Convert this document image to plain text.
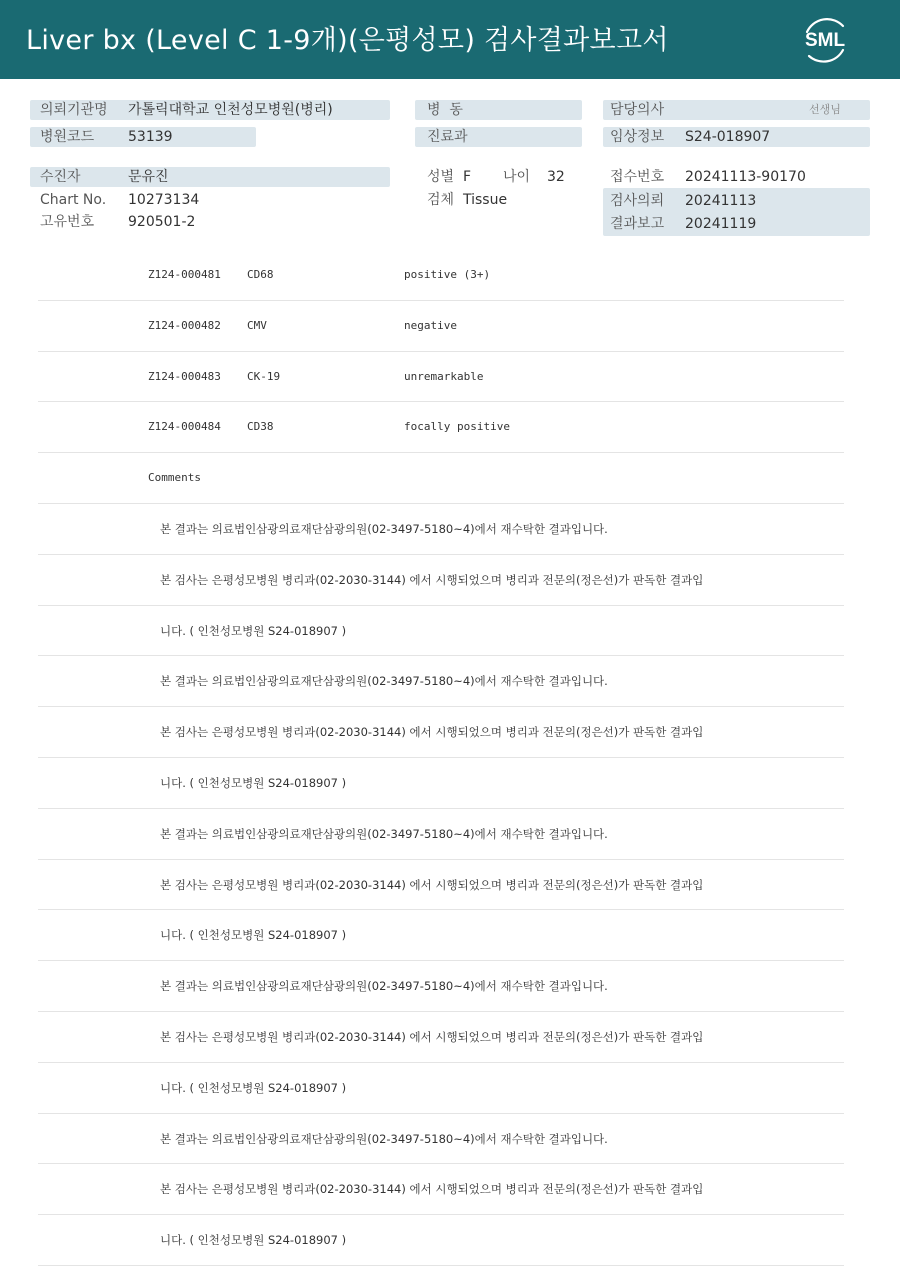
Liver bx (Level C 1-9개)(은평성모) 검사결과보고서	SML
의뢰기관명 가톨릭대학교 인천성모병원(병리)
병원코드 53139
수진자	문유진
Chart No. 10273134
고유번호 920501-2
병  동
진료과
성별 F 나이 32
검체 Tissue
담당의사	선생님
임상정보 S24-018907
접수번호 20241113-90170
검사의뢰 20241113
결과보고 20241119
Z124-000481 CD68	positive (3+)
Z124-000482 CMV	negative
Z124-000483 CK-19	unremarkable
Z124-000484 CD38	focally positive
Comments
본 결과는 의료법인삼광의료재단삼광의원(02-3497-5180~4)에서 재수탁한 결과입니다.
본 검사는 은평성모병원 병리과(02-2030-3144) 에서 시행되었으며 병리과 전문의(정은선)가 판독한 결과입
니다. ( 인천성모병원 S24-018907 )
본 결과는 의료법인삼광의료재단삼광의원(02-3497-5180~4)에서 재수탁한 결과입니다.
본 검사는 은평성모병원 병리과(02-2030-3144) 에서 시행되었으며 병리과 전문의(정은선)가 판독한 결과입
니다. ( 인천성모병원 S24-018907 )
본 결과는 의료법인삼광의료재단삼광의원(02-3497-5180~4)에서 재수탁한 결과입니다.
본 검사는 은평성모병원 병리과(02-2030-3144) 에서 시행되었으며 병리과 전문의(정은선)가 판독한 결과입
니다. ( 인천성모병원 S24-018907 )
본 결과는 의료법인삼광의료재단삼광의원(02-3497-5180~4)에서 재수탁한 결과입니다.
본 검사는 은평성모병원 병리과(02-2030-3144) 에서 시행되었으며 병리과 전문의(정은선)가 판독한 결과입
니다. ( 인천성모병원 S24-018907 )
본 결과는 의료법인삼광의료재단삼광의원(02-3497-5180~4)에서 재수탁한 결과입니다.
본 검사는 은평성모병원 병리과(02-2030-3144) 에서 시행되었으며 병리과 전문의(정은선)가 판독한 결과입
니다. ( 인천성모병원 S24-018907 )
